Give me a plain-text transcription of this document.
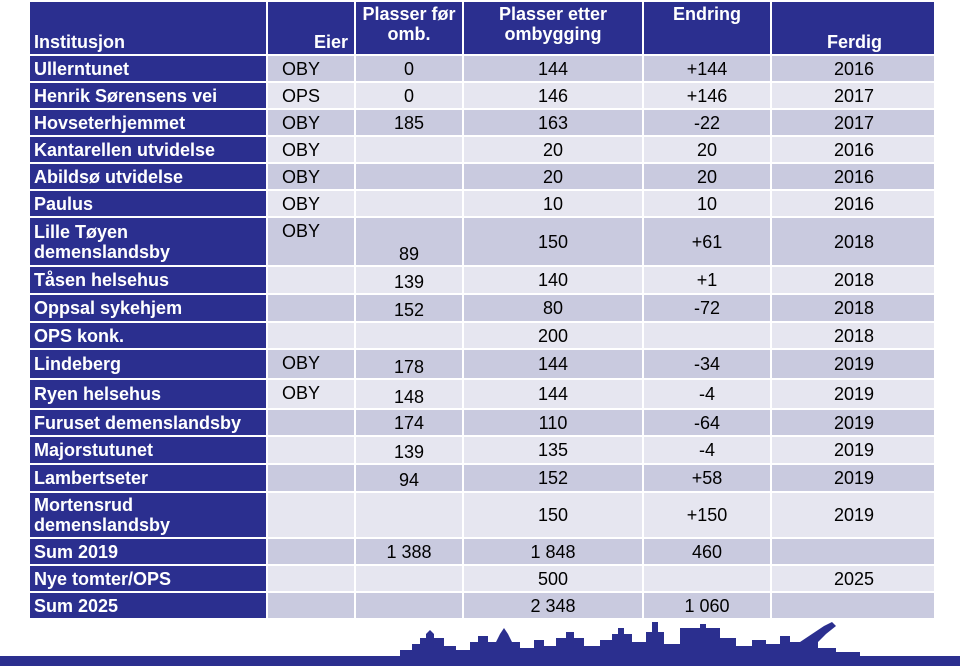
Institusjon	Eier	Plasser før omb.	Plasser etter ombygging	Endring	Ferdig
Ullerntunet	OBY	0	144	+144	2016
Henrik Sørensens vei	OPS	0	146	+146	2017
Hovseterhjemmet	OBY	185	163	-22	2017
Kantarellen utvidelse	OBY		20	20	2016
Abildsø utvidelse	OBY		20	20	2016
Paulus	OBY		10	10	2016
Lille Tøyen demenslandsby	OBY	89	150	+61	2018
Tåsen helsehus		139	140	+1	2018
Oppsal sykehjem		152	80	-72	2018
OPS konk.			200		2018
Lindeberg	OBY	178	144	-34	2019
Ryen helsehus	OBY	148	144	-4	2019
Furuset demenslandsby		174	110	-64	2019
Majorstutunet		139	135	-4	2019
Lambertseter		94	152	+58	2019
Mortensrud demenslandsby			150	+150	2019
Sum 2019		1 388	1 848	460	
Nye tomter/OPS			500		2025
Sum 2025			2 348	1 060	
